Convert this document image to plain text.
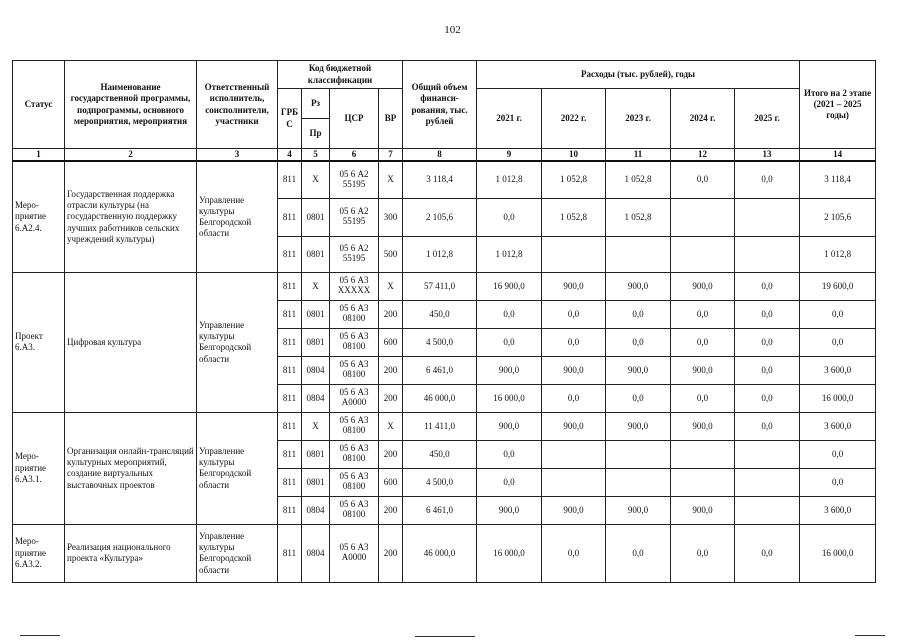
102
Статус	Наименование государственной программы, подпрограммы, основного мероприятия, мероприятия	Ответственный исполнитель, соисполнители, участники	Код бюджетной классификации				Общий объем финанси- рования, тыс. рублей	Расходы (тыс. рублей), годы					Итого на 2 этапе (2021 – 2025 годы)
			ГРБ С	Рз	ЦСР	ВР		2021 г.	2022 г.	2023 г.	2024 г.	2025 г.	
				Пр									
1	2	3	4	5	6	7	8	9	10	11	12	13	14
Меро- приятие 6.А2.4.	Государственная поддержка отрасли культуры (на государственную поддержку лучших работников сельских учреждений культуры)	Управление культуры Белгородской области	811	Х	05 6 А2 55195	Х	3 118,4	1 012,8	1 052,8	1 052,8	0,0	0,0	3 118,4
			811	0801	05 6 А2 55195	300	2 105,6	0,0	1 052,8	1 052,8			2 105,6
			811	0801	05 6 А2 55195	500	1 012,8	1 012,8					1 012,8
Проект 6.А3.	Цифровая культура	Управление культуры Белгородской области	811	Х	05 6 А3 ХХХХХ	Х	57 411,0	16 900,0	900,0	900,0	900,0	0,0	19 600,0
			811	0801	05 6 А3 08100	200	450,0	0,0	0,0	0,0	0,0	0,0	0,0
			811	0801	05 6 А3 08100	600	4 500,0	0,0	0,0	0,0	0,0	0,0	0,0
			811	0804	05 6 А3 08100	200	6 461,0	900,0	900,0	900,0	900,0	0,0	3 600,0
			811	0804	05 6 А3 А0000	200	46 000,0	16 000,0	0,0	0,0	0,0	0,0	16 000,0
Меро- приятие 6.А3.1.	Организация онлайн-трансляций культурных мероприятий, создание виртуальных выставочных проектов	Управление культуры Белгородской области	811	Х	05 6 А3 08100	Х	11 411,0	900,0	900,0	900,0	900,0	0,0	3 600,0
			811	0801	05 6 А3 08100	200	450,0	0,0					0,0
			811	0801	05 6 А3 08100	600	4 500,0	0,0					0,0
			811	0804	05 6 А3 08100	200	6 461,0	900,0	900,0	900,0	900,0		3 600,0
Меро- приятие 6.А3.2.	Реализация национального проекта «Культура»	Управление культуры Белгородской области	811	0804	05 6 А3 А0000	200	46 000,0	16 000,0	0,0	0,0	0,0	0,0	16 000,0
